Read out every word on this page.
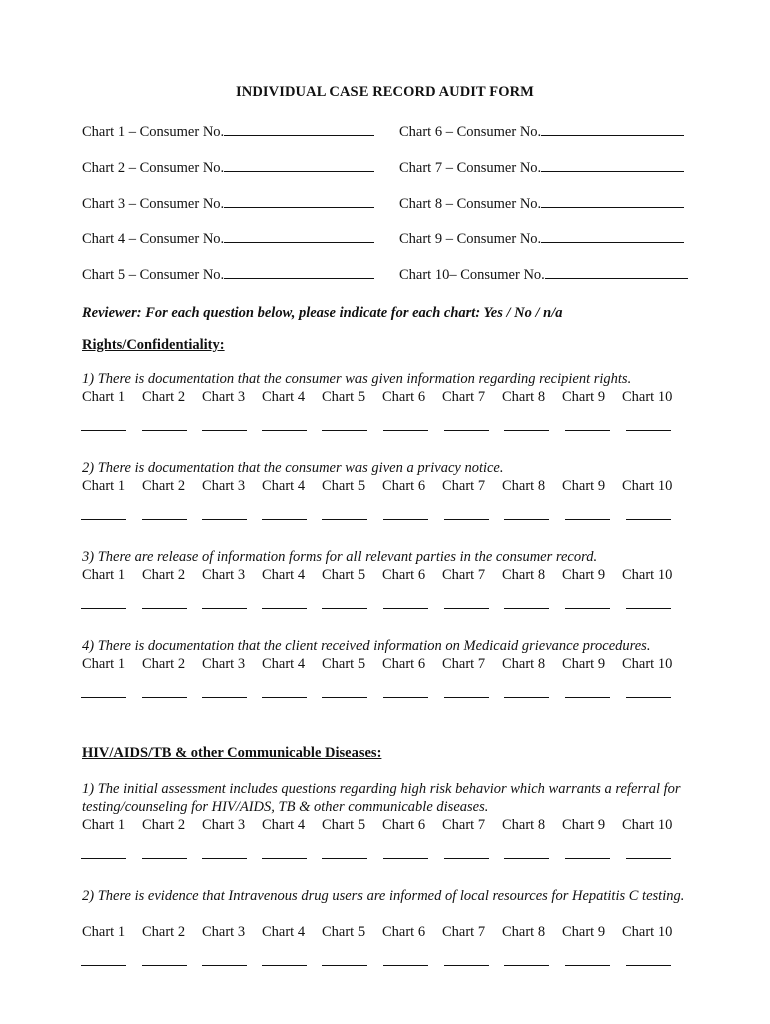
INDIVIDUAL CASE RECORD AUDIT FORM
Chart 1 – Consumer No.
Chart 2 – Consumer No.
Chart 3 – Consumer No.
Chart 4 – Consumer No.
Chart 5 – Consumer No.
Chart 6 – Consumer No.
Chart 7 – Consumer No.
Chart 8 – Consumer No.
Chart 9 – Consumer No.
Chart 10– Consumer No.
Reviewer: For each question below, please indicate for each chart: Yes / No / n/a
Rights/Confidentiality:
1) There is documentation that the consumer was given information regarding recipient rights.
2) There is documentation that the consumer was given a privacy notice.
3) There are release of information forms for all relevant parties in the consumer record.
4) There is documentation that the client received information on Medicaid grievance procedures.
HIV/AIDS/TB & other Communicable Diseases:
1) The initial assessment includes questions regarding high risk behavior which warrants a referral for testing/counseling for HIV/AIDS, TB & other communicable diseases.
2) There is evidence that Intravenous drug users are informed of local resources for Hepatitis C testing.
Chart 1 Chart 2 Chart 3 Chart 4 Chart 5 Chart 6 Chart 7 Chart 8 Chart 9 Chart 10
Chart 1 Chart 2 Chart 3 Chart 4 Chart 5 Chart 6 Chart 7 Chart 8 Chart 9 Chart 10
Chart 1 Chart 2 Chart 3 Chart 4 Chart 5 Chart 6 Chart 7 Chart 8 Chart 9 Chart 10
Chart 1 Chart 2 Chart 3 Chart 4 Chart 5 Chart 6 Chart 7 Chart 8 Chart 9 Chart 10
Chart 1 Chart 2 Chart 3 Chart 4 Chart 5 Chart 6 Chart 7 Chart 8 Chart 9 Chart 10
Chart 1 Chart 2 Chart 3 Chart 4 Chart 5 Chart 6 Chart 7 Chart 8 Chart 9 Chart 10
